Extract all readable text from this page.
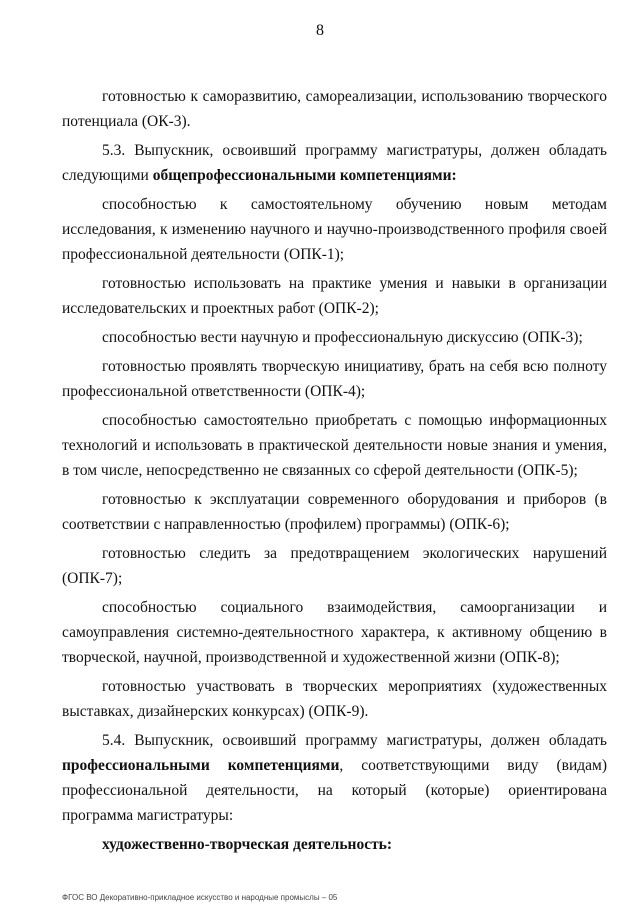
8

готовностью к саморазвитию, самореализации, использованию творческого потенциала (ОК-3).

5.3. Выпускник, освоивший программу магистратуры, должен обладать следующими общепрофессиональными компетенциями:

способностью к самостоятельному обучению новым методам исследования, к изменению научного и научно-производственного профиля своей профессиональной деятельности (ОПК-1);

готовностью использовать на практике умения и навыки в организации исследовательских и проектных работ (ОПК-2);

способностью вести научную и профессиональную дискуссию (ОПК-3);

готовностью проявлять творческую инициативу, брать на себя всю полноту профессиональной ответственности (ОПК-4);

способностью самостоятельно приобретать с помощью информационных технологий и использовать в практической деятельности новые знания и умения, в том числе, непосредственно не связанных со сферой деятельности (ОПК-5);

готовностью к эксплуатации современного оборудования и приборов (в соответствии с направленностью (профилем) программы) (ОПК-6);

готовностью следить за предотвращением экологических нарушений (ОПК-7);

способностью социального взаимодействия, самоорганизации и самоуправления системно-деятельностного характера, к активному общению в творческой, научной, производственной и художественной жизни (ОПК-8);

готовностью участвовать в творческих мероприятиях (художественных выставках, дизайнерских конкурсах) (ОПК-9).

5.4. Выпускник, освоивший программу магистратуры, должен обладать профессиональными компетенциями, соответствующими виду (видам) профессиональной деятельности, на который (которые) ориентирована программа магистратуры:

художественно-творческая деятельность:

ФГОС ВО Декоративно-прикладное искусство и народные промыслы – 05
